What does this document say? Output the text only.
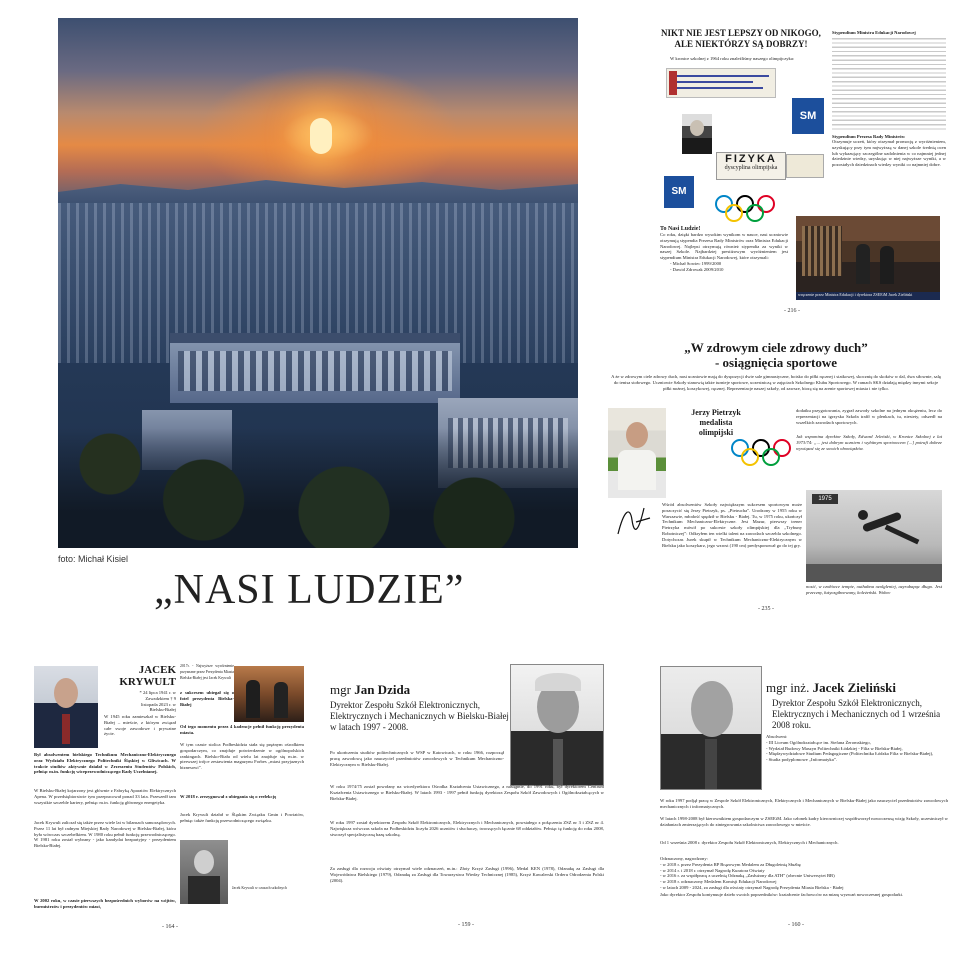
foto: Michał Kisiel
„NASI LUDZIE”
NIKT NIE JEST LEPSZY OD NIKOGO,
ALE NIEKTÓRZY SĄ DOBRZY!
W kronice szkolnej z 1964 roku znaleźliśmy naszego olimpijczyka:
SM
FIZYKA
dyscyplina olimpijska
SM
Stypendium Ministra Edukacji Narodowej
Stypendium Prezesa Rady Ministrów
Otrzymuje uczeń, który otrzymał promocję z wyróżnieniem, uzyskujący przy tym najwyższą w danej szkole średnią ocen lub wykazujący szczególne uzdolnienia w co najmniej jednej dziedzinie wiedzy, uzyskując w niej najwyższe wyniki, a w pozostałych dziedzinach wiedzy wyniki co najmniej dobre.
To Nasi Ludzie!
Co roku, dzięki bardzo wysokim wynikom w nauce, nasi uczniowie otrzymują stypendia Prezesa Rady Ministrów oraz Ministra Edukacji Narodowej. Najlepsi otrzymują również stypendia za wyniki w naszej Szkole. Najbardziej prestiżowym wyróżnieniem jest stypendium Ministra Edukacji Narodowej, które otrzymali:
- Michał Sowiec 1999/2000
- Dawid Zdrowak 2009/2010
wręczenie przez Ministra Edukacji i dyrektora ZSEEiM Jacek Zieliński
- 216 -
„W zdrowym ciele zdrowy duch”
- osiągnięcia sportowe
A że w zdrowym ciele zdrowy duch, nasi uczniowie mają do dyspozycji dwie sale gimnastyczne, boisko do piłki ręcznej i siatkowej, skocznię do skoków w dal, dwa siłownie, salę do tenisa stołowego. Uczniowie Szkoły stanowią także turnieje sportowe, uczestniczą w zajęciach Szkolnego Klubu Sportowego. W ramach SKS działają między innymi sekcje piłki nożnej, koszykowej, ręcznej. Reprezentacje naszej szkoły, od zawsze, biorą się na arenie sportowej miasta i nie tylko.
Jerzy Pietrzyk
medalista
olimpijski
dodatku przygotowania, zygrał zawody szkolne na jednym okrążeniu, lecz do reprezentacji na igrzyska Szkoła trafił w plenkach, tu, niestety, odszedł na wszelkich zawodach sportowych.
Jak wspomina dyrektor Szkoły, Edward Jeleński, w Kronice Szkolnej z lat 1973/74: „... jest dobrym uczniem i wybitnym sportowcem [...] potrafi dobrze wywiązać się ze swoich obowiązków.
Wśród absolwentów Szkoły największym sukcesem sportowym może poszczycić się Jerzy Pietrzyk, ps. „Pietrucha”. Urodzony w 1955 roku w Warszawie, młodość spędził w Bielsku - Białej. Tu, w 1975 roku, ukończył Technikum Mechaniczno-Elektryczne. Jest Mazur, pierwszy trener Pietrzyka mówił po sukcesie szkoły olimpijskiej dla „Trybuny Robotniczej”: Odkryłem ten wielki talent na zawodach szczebla szkolnego. Dotychczas Jurek skupił w Technikum Mechaniczno-Elektrycznym w Bielsku jako koszykarz, jego wzrost (190 cm) predysponował go do tej gry.
1975
nosić, w czołówce tempie, outhabna ozolgleniej, azyrubapąc długo. Jest przeczny, łużyczgibnewany, koleżeński. Wobec
- 235 -
JACEK KRYWULT
* 24 lipca 1941 r. w Zawadzkiem † 9 listopada 2023 r. w Bielsku-Białej
W 1945 roku zamieszkał w Bielsku-Białej – mieście, z którym związał całe swoje zawodowe i prywatne życie.
Był absolwentem bielskiego Technikum Mechaniczno-Elektrycznego oraz Wydziału Elektrycznego Politechniki Śląskiej w Gliwicach. W trakcie studiów aktywnie działał w Zrzeszeniu Studentów Polskich, pełniąc m.in. funkcję wiceprzewodniczącego Rady Uczelnianej.
W Bielsku-Białej kojarzony jest głównie z Fabryką Aparatów Elektrycznych Apena. W przedsiębiorstwie tym przepracował ponad 33 lata. Przeszedł tam wszystkie szczeble kariery, pełniąc m.in. funkcję głównego energetyka.
Jacek Krywult zaliczał się także przez wiele lat w bilansach samorządowych. Przez 11 lat był radnym Miejskiej Rady Narodowej w Bielsku-Białej, która była wówczas szczebelkiem. W 1980 roku pełnił funkcję przewodniczącego. W 1981 roku został wybrany - jako kandydat bezpartyjny - prezydentem Bielska-Białej.
W 2002 roku, w czasie pierwszych bezpośrednich wyborów na wójtów, burmistrzów i prezydentów miast,
2017r. - Najwyższe wyróżnienie przyznane przez Prezydenta Miasta Bielska-Białej jest Jacek Krywult
z sukcesem ubiegał się o fotel prezydenta Bielska-Białej
Od tego momentu przez 4 kadencje pełnił funkcję prezydenta miasta.
W tym czasie stolica Podbeskidzia stała się prężnym ośrodkiem gospodarczym, co znajduje potwierdzenie w ogólnopolskich rankingach. Bielsko-Biała od wielu lat znajduje się m.in. w pierwszej trójce zestawienia magazynu Forbes „miast przyjaznych biznesowi”.
W 2018 r. zrezygnował z ubiegania się o reelekcję
Jacek Krywult działał w Śląskim Związku Gmin i Powiatów, pełniąc także funkcję przewodniczącego związku.
Jacek Krywult w czasach szkolnych
- 164 -
mgr Jan Dzida
Dyrektor Zespołu Szkół Elektronicznych, Elektrycznych i Mechanicznych w Bielsku-Białej w latach 1997 - 2008.
Po ukończeniu studiów politechnicznych w WSP w Katowicach, w roku 1966, rozpoczął pracę zawodową jako nauczyciel przedmiotów zawodowych w Technikum Mechaniczno-Elektrycznym w Bielsku-Białej.
W roku 1974/75 został powołany na wicedyrektora Ośrodka Kształcenia Ustawicznego, a następnie, do 1991 roku, był dyrektorem Centrum Kształcenia Ustawicznego w Bielsku-Białej. W latach 1993 - 1997 pełnił funkcję dyrektora Zespołu Szkół Zawodowych i Ogólnokształcących w Bielsku-Białej.
W roku 1997 został dyrektorem Zespołu Szkół Elektronicznych, Elektrycznych i Mechanicznych, powstałego z połączenia ZSZ nr 3 i ZSZ nr 4. Największa wówczas szkoła na Podbeskidziu liczyła 2026 uczniów i słuchaczy, tworzących łącznie 68 oddziałów. Pełniąc tę funkcję do roku 2008, stworzył specjalistyczną bazę szkolną.
Za zasługi dla rozwoju oświaty otrzymał wiele odznaczeń, m.in.: Złoty Krzyż Zasługi (1996), Medal KEN (1978), Odznakę za Zasługi dla Województwa Bielskiego (1979), Odznakę za Zasługi dla Towarzystwa Wiedzy Technicznej (1985), Krzyż Kawalerski Orderu Odrodzenia Polski (2004).
- 159 -
mgr inż. Jacek Zieliński
Dyrektor Zespołu Szkół Elektronicznych, Elektrycznych i Mechanicznych od 1 września 2008 roku.
Absolwent:
- III Liceum Ogólnokształcące im. Stefana Żeromskiego,
- Wydział Budowy Maszyn Politechniki Łódzkiej - Filia w Bielsku-Białej,
- Międzywydziałowe Studium Pedagogiczne (Politechnika Łódzka Filia w Bielsku-Białej),
- Studia podyplomowe „Informatyka”.
W roku 1997 podjął pracę w Zespole Szkół Elektronicznych, Elektrycznych i Mechanicznych w Bielsku-Białej jako nauczyciel przedmiotów zawodowych mechanicznych i informatycznych.
W latach 1998-2008 był kierownikiem gospodarczym w ZSEEiM. Jako członek kadry kierowniczej współtworzył nowoczesną wizję Szkoły, uczestniczył w działaniach zmierzających do zintegrowania szkolnictwa zawodowego w mieście.
Od 1 września 2008 r. dyrektor Zespołu Szkół Elektronicznych, Elektrycznych i Mechanicznych.
Odznaczony, nagrodzony:
- w 2018 r. przez Prezydenta RP Brązowym Medalem za Długoletnią Służbę
- w 2014 r. i 2018 r. otrzymał Nagrodę Kuratora Oświaty
- w 2016 r. za współpracę z uczelnią Odznaką „Zasłużony dla ATH” (obecnie Uniwersytet BB)
- w 2018 r. odznaczony Medalem Komisji Edukacji Narodowej
- w latach 2009 - 2024, za zasługi dla oświaty otrzymał Nagrodę Prezydenta Miasta Bielska - Białej
Jako dyrektor Zespołu kontynuuje dzieło swoich poprzedników: kształcenie fachowców na miarę wyzwań nowoczesnej gospodarki.
- 160 -
